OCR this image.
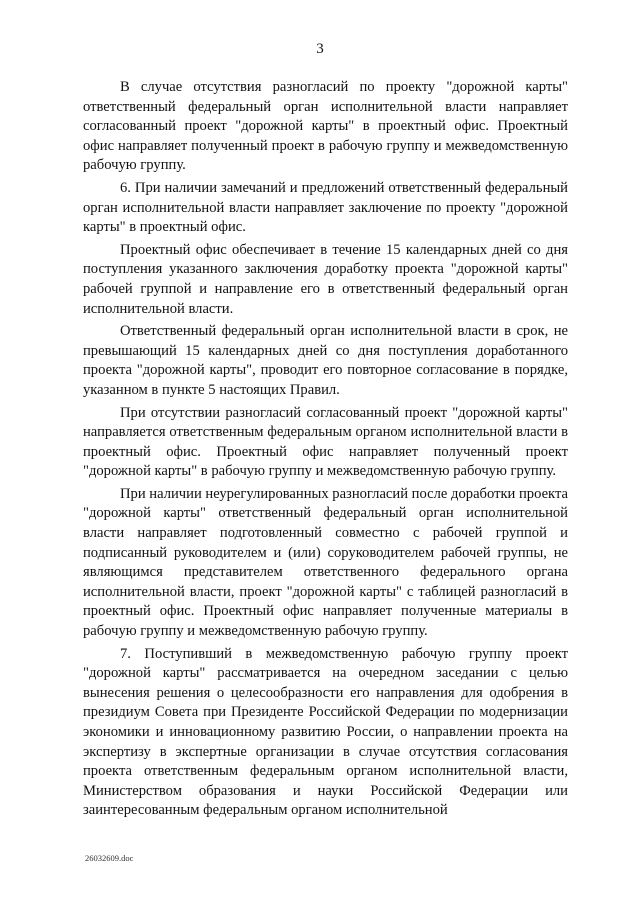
3

В случае отсутствия разногласий по проекту "дорожной карты" ответственный федеральный орган исполнительной власти направляет согласованный проект "дорожной карты" в проектный офис. Проектный офис направляет полученный проект в рабочую группу и межведомственную рабочую группу.

6. При наличии замечаний и предложений ответственный федеральный орган исполнительной власти направляет заключение по проекту "дорожной карты" в проектный офис.

Проектный офис обеспечивает в течение 15 календарных дней со дня поступления указанного заключения доработку проекта "дорожной карты" рабочей группой и направление его в ответственный федеральный орган исполнительной власти.

Ответственный федеральный орган исполнительной власти в срок, не превышающий 15 календарных дней со дня поступления доработанного проекта "дорожной карты", проводит его повторное согласование в порядке, указанном в пункте 5 настоящих Правил.

При отсутствии разногласий согласованный проект "дорожной карты" направляется ответственным федеральным органом исполнительной власти в проектный офис. Проектный офис направляет полученный проект "дорожной карты" в рабочую группу и межведомственную рабочую группу.

При наличии неурегулированных разногласий после доработки проекта "дорожной карты" ответственный федеральный орган исполнительной власти направляет подготовленный совместно с рабочей группой и подписанный руководителем и (или) соруководителем рабочей группы, не являющимся представителем ответственного федерального органа исполнительной власти, проект "дорожной карты" с таблицей разногласий в проектный офис. Проектный офис направляет полученные материалы в рабочую группу и межведомственную рабочую группу.

7. Поступивший в межведомственную рабочую группу проект "дорожной карты" рассматривается на очередном заседании с целью вынесения решения о целесообразности его направления для одобрения в президиум Совета при Президенте Российской Федерации по модернизации экономики и инновационному развитию России, о направлении проекта на экспертизу в экспертные организации в случае отсутствия согласования проекта ответственным федеральным органом исполнительной власти, Министерством образования и науки Российской Федерации или заинтересованным федеральным органом исполнительной

26032609.doc
